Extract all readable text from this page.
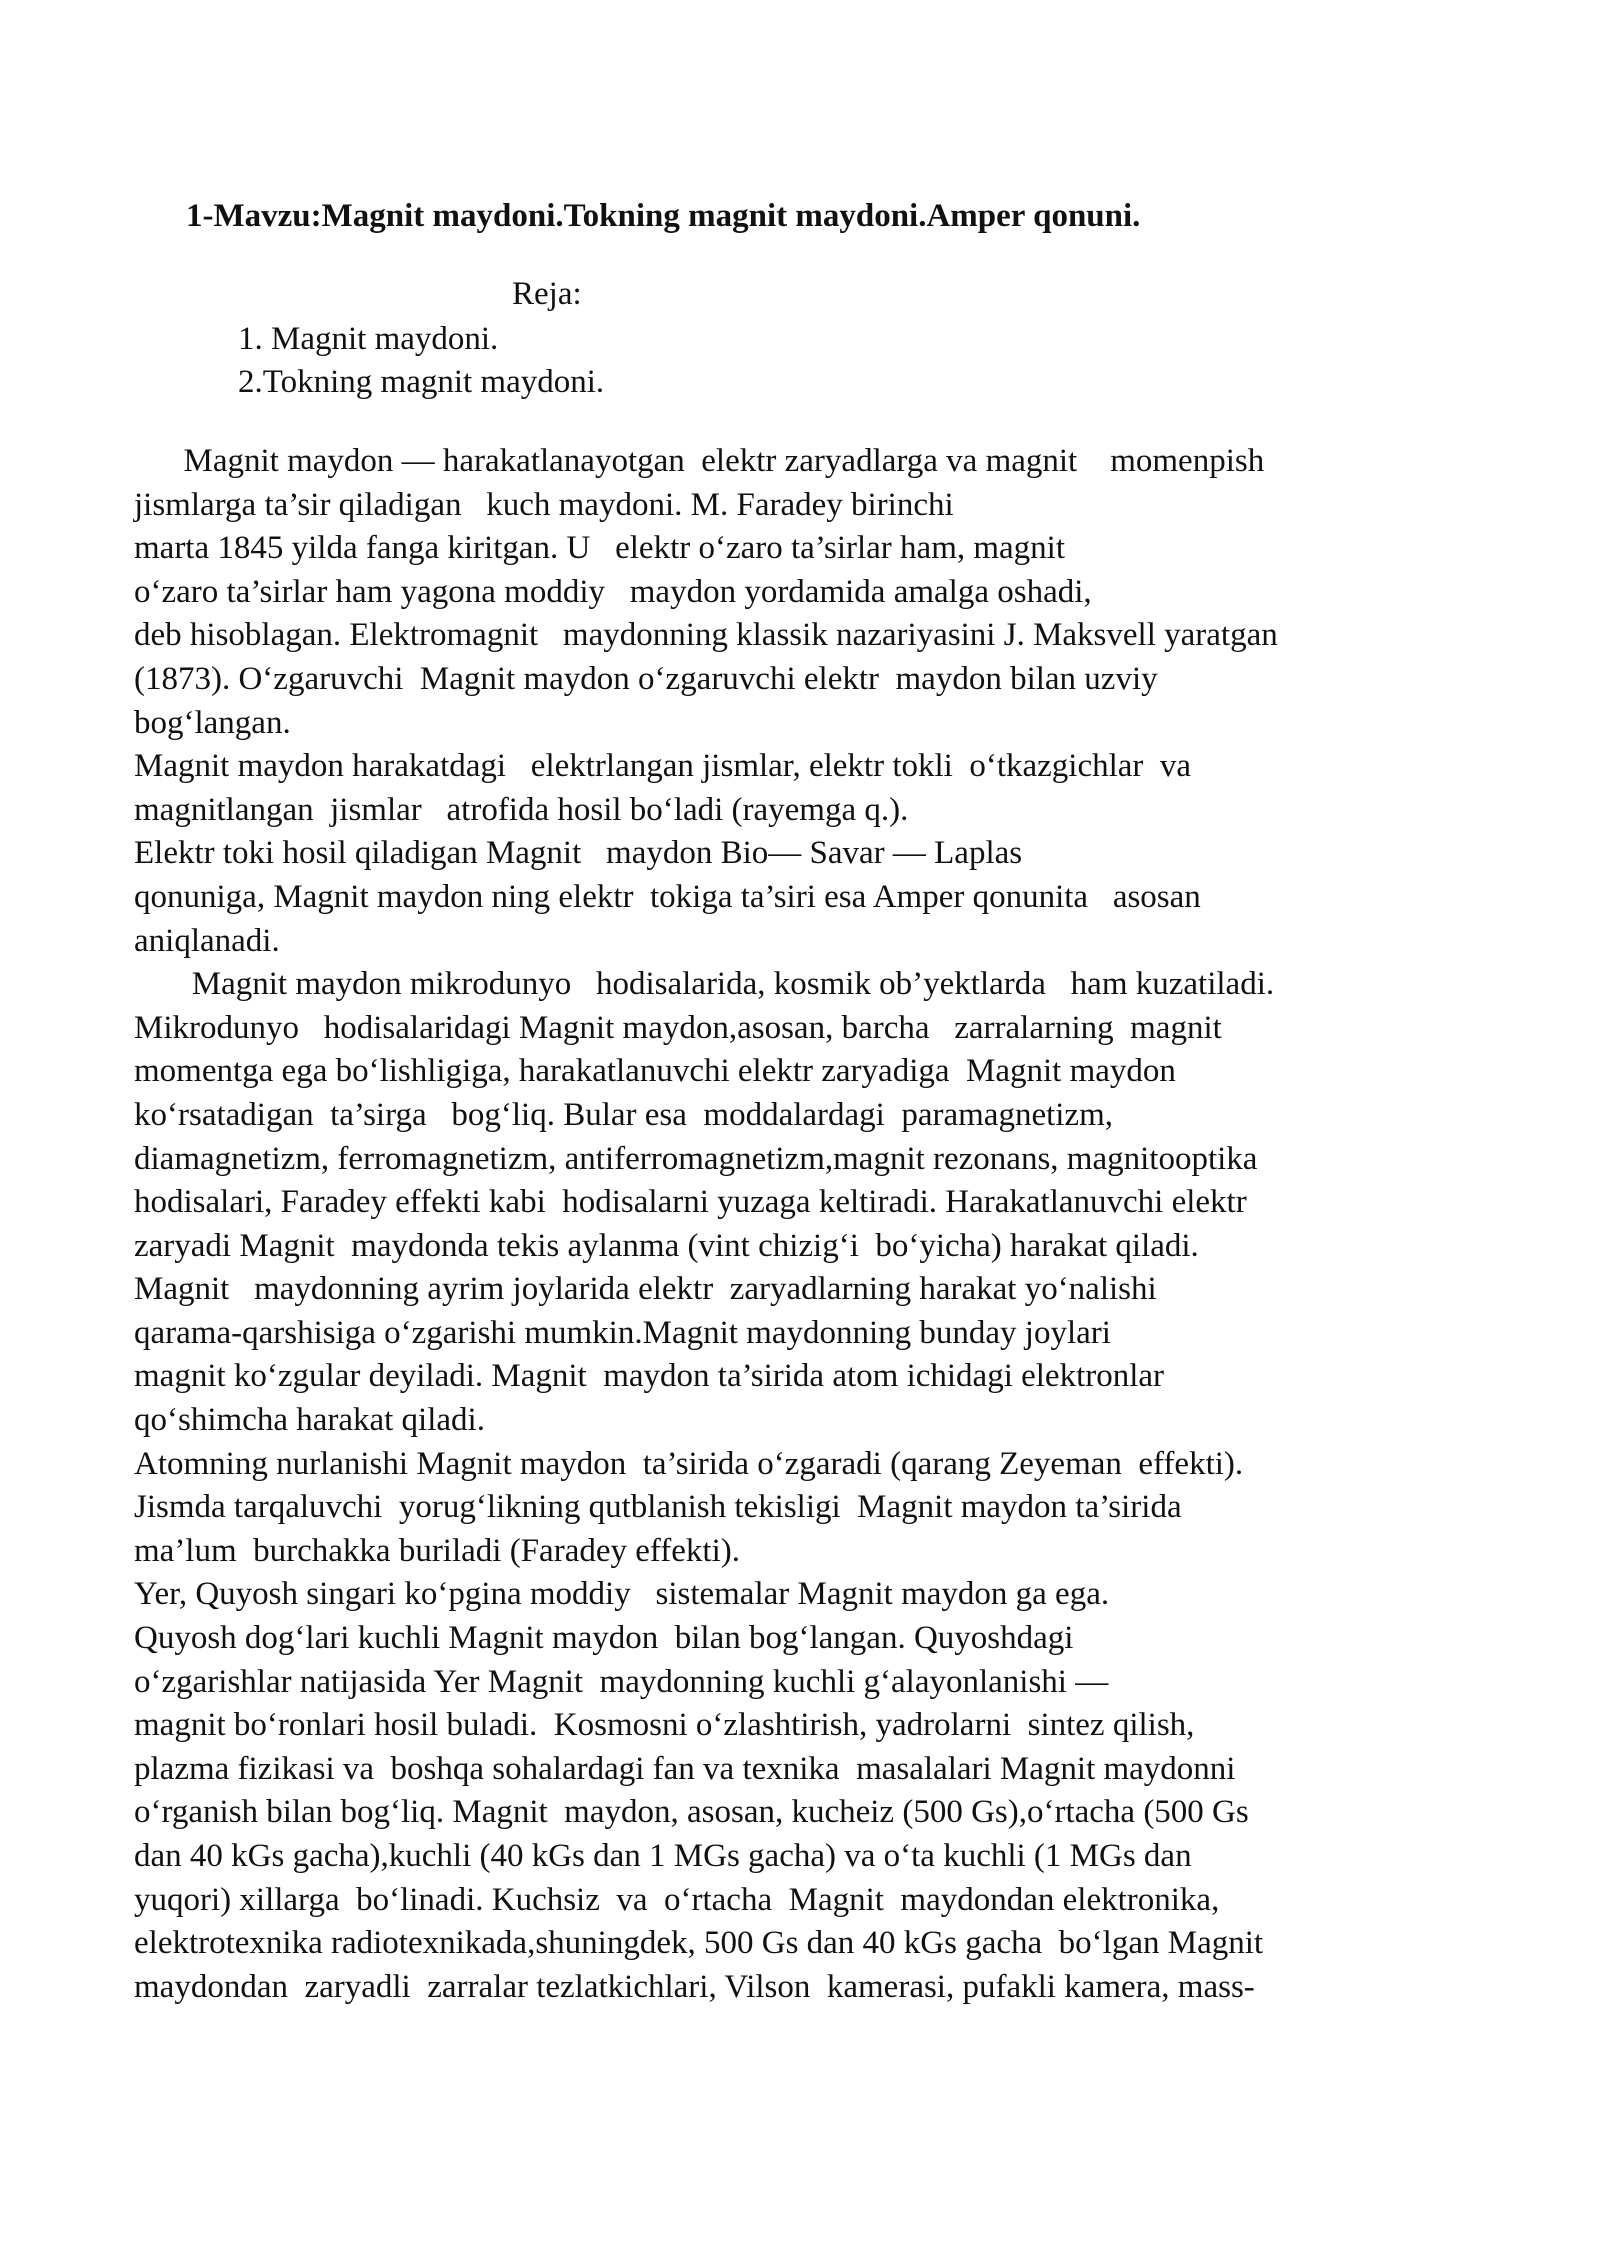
1-Mavzu:Magnit maydoni.Tokning magnit maydoni.Amper qonuni.
Reja:
1. Magnit maydoni.
2.Tokning magnit maydoni.
Magnit maydon — harakatlanayotgan  elektr zaryadlarga va magnit    momenpish
jismlarga ta’sir qiladigan   kuch maydoni. M. Faradey birinchi
marta 1845 yilda fanga kiritgan. U   elektr o‘zaro ta’sirlar ham, magnit
o‘zaro ta’sirlar ham yagona moddiy   maydon yordamida amalga oshadi,
deb hisoblagan. Elektromagnit   maydonning klassik nazariyasini J. Maksvell yaratgan
(1873). O‘zgaruvchi  Magnit maydon o‘zgaruvchi elektr  maydon bilan uzviy
bog‘langan.
Magnit maydon harakatdagi   elektrlangan jismlar, elektr tokli  o‘tkazgichlar  va
magnitlangan  jismlar   atrofida hosil bo‘ladi (rayemga q.).
Elektr toki hosil qiladigan Magnit   maydon Bio— Savar — Laplas
qonuniga, Magnit maydon ning elektr  tokiga ta’siri esa Amper qonunita   asosan
aniqlanadi.
Magnit maydon mikrodunyo   hodisalarida, kosmik ob’yektlarda   ham kuzatiladi.
Mikrodunyo   hodisalaridagi Magnit maydon,asosan, barcha   zarralarning  magnit
momentga ega bo‘lishligiga, harakatlanuvchi elektr zaryadiga  Magnit maydon
ko‘rsatadigan  ta’sirga   bog‘liq. Bular esa  moddalardagi  paramagnetizm,
diamagnetizm, ferromagnetizm, antiferromagnetizm,magnit rezonans, magnitooptika
hodisalari, Faradey effekti kabi  hodisalarni yuzaga keltiradi. Harakatlanuvchi elektr
zaryadi Magnit  maydonda tekis aylanma (vint chizig‘i  bo‘yicha) harakat qiladi.
Magnit   maydonning ayrim joylarida elektr  zaryadlarning harakat yo‘nalishi
qarama-qarshisiga o‘zgarishi mumkin.Magnit maydonning bunday joylari
magnit ko‘zgular deyiladi. Magnit  maydon ta’sirida atom ichidagi elektronlar
qo‘shimcha harakat qiladi.
Atomning nurlanishi Magnit maydon  ta’sirida o‘zgaradi (qarang Zeyeman  effekti).
Jismda tarqaluvchi  yorug‘likning qutblanish tekisligi  Magnit maydon ta’sirida
ma’lum  burchakka buriladi (Faradey effekti).
Yer, Quyosh singari ko‘pgina moddiy   sistemalar Magnit maydon ga ega.
Quyosh dog‘lari kuchli Magnit maydon  bilan bog‘langan. Quyoshdagi
o‘zgarishlar natijasida Yer Magnit  maydonning kuchli g‘alayonlanishi —
magnit bo‘ronlari hosil buladi.  Kosmosni o‘zlashtirish, yadrolarni  sintez qilish,
plazma fizikasi va  boshqa sohalardagi fan va texnika  masalalari Magnit maydonni
o‘rganish bilan bog‘liq. Magnit  maydon, asosan, kucheiz (500 Gs),o‘rtacha (500 Gs
dan 40 kGs gacha),kuchli (40 kGs dan 1 MGs gacha) va o‘ta kuchli (1 MGs dan
yuqori) xillarga  bo‘linadi. Kuchsiz  va  o‘rtacha  Magnit  maydondan elektronika,
elektrotexnika radiotexnikada,shuningdek, 500 Gs dan 40 kGs gacha  bo‘lgan Magnit
maydondan  zaryadli  zarralar tezlatkichlari, Vilson  kamerasi, pufakli kamera, mass-
